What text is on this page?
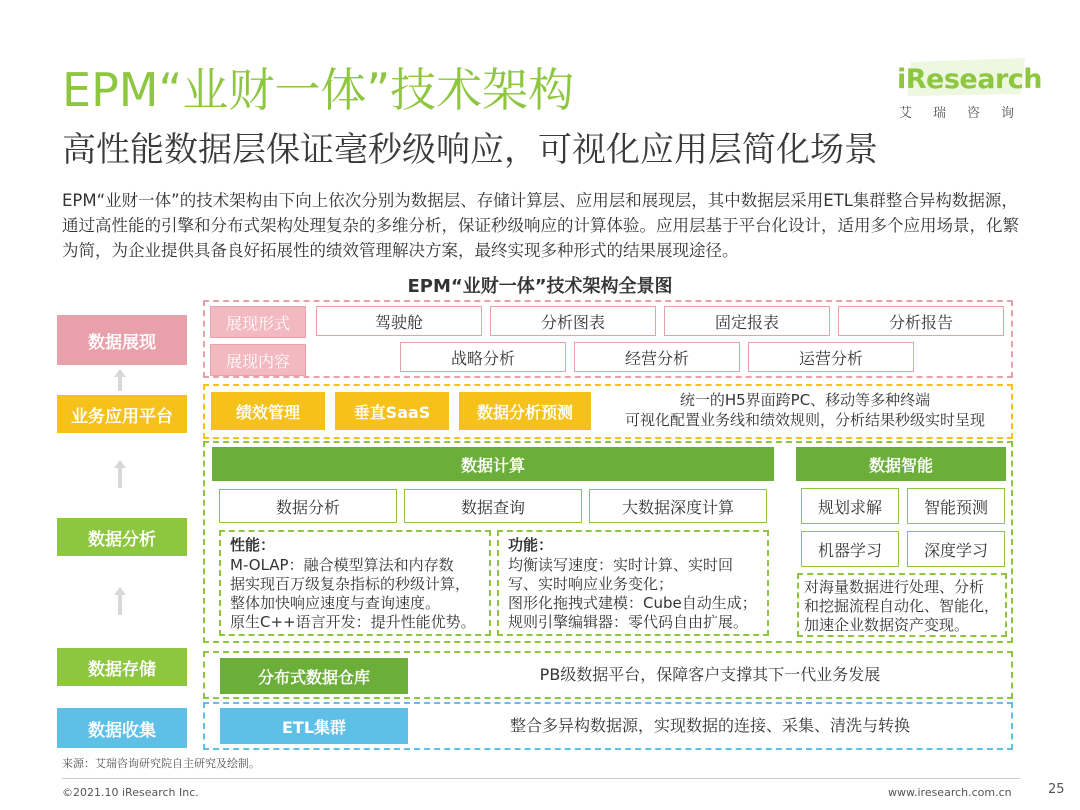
EPM“业财一体”技术架构
高性能数据层保证毫秒级响应，可视化应用层简化场景
EPM“业财一体”的技术架构由下向上依次分别为数据层、存储计算层、应用层和展现层，其中数据层采用ETL集群整合异构数据源，通过高性能的引擎和分布式架构处理复杂的多维分析，保证秒级响应的计算体验。应用层基于平台化设计，适用多个应用场景，化繁为简，为企业提供具备良好拓展性的绩效管理解决方案，最终实现多种形式的结果展现途径。
iResearch
艾瑞咨询
EPM“业财一体”技术架构全景图
数据展现
业务应用平台
数据分析
数据存储
数据收集
展现形式	驾驶舱	分析图表	固定报表	分析报告
展现内容	战略分析	经营分析	运营分析
绩效管理	垂直SaaS	数据分析预测
统一的H5界面跨PC、移动等多种终端
可视化配置业务线和绩效规则，分析结果秒级实时呈现
数据计算
数据分析	数据查询	大数据深度计算
性能：
M-OLAP：融合模型算法和内存数
据实现百万级复杂指标的秒级计算，
整体加快响应速度与查询速度。
原生C++语言开发：提升性能优势。
功能：
均衡读写速度：实时计算、实时回
写、实时响应业务变化；
图形化拖拽式建模：Cube自动生成；
规则引擎编辑器：零代码自由扩展。
数据智能
规划求解	智能预测
机器学习	深度学习
对海量数据进行处理、分析
和挖掘流程自动化、智能化，
加速企业数据资产变现。
分布式数据仓库	PB级数据平台，保障客户支撑其下一代业务发展
ETL集群	整合多异构数据源，实现数据的连接、采集、清洗与转换
来源：艾瑞咨询研究院自主研究及绘制。
©2021.10 iResearch Inc.	www.iresearch.com.cn	25
